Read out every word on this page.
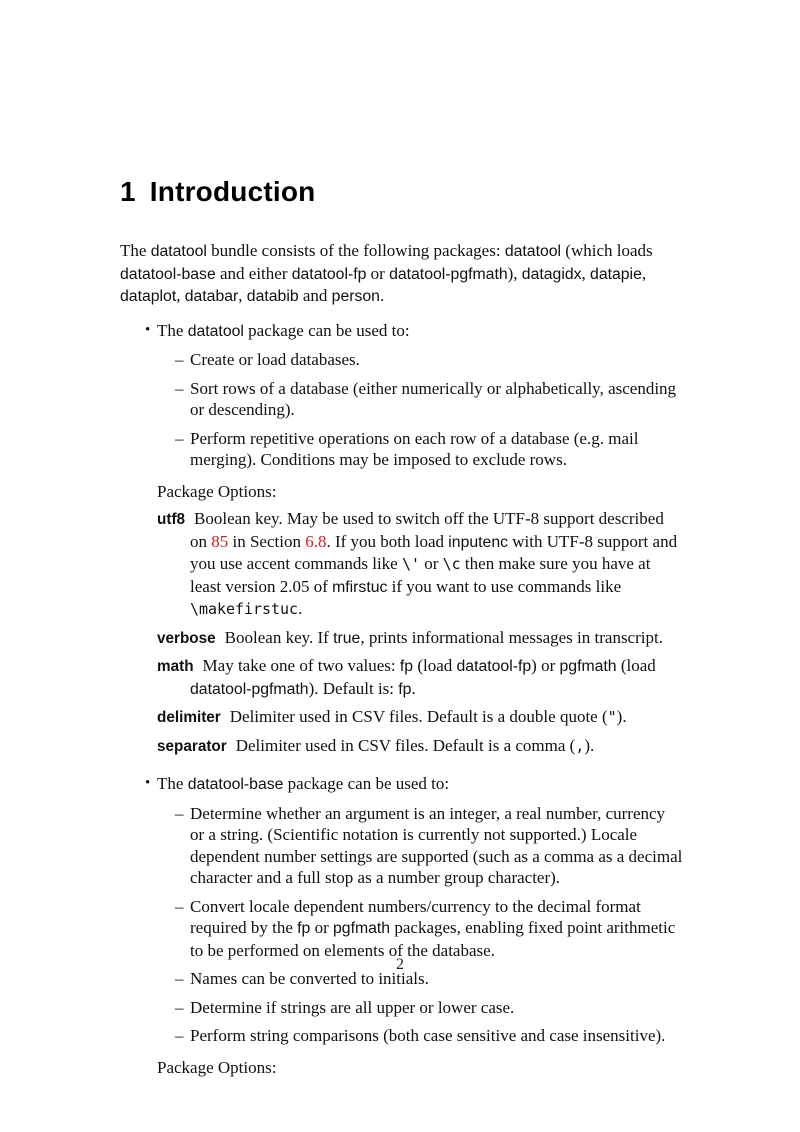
1 Introduction

The datatool bundle consists of the following packages: datatool (which loads datatool-base and either datatool-fp or datatool-pgfmath), datagidx, datapie, dataplot, databar, databib and person.

• The datatool package can be used to:

– Create or load databases.

– Sort rows of a database (either numerically or alphabetically, ascending or descending).

– Perform repetitive operations on each row of a database (e.g. mail merging). Conditions may be imposed to exclude rows.

Package Options:

utf8 Boolean key. May be used to switch off the UTF-8 support described on 85 in Section 6.8. If you both load inputenc with UTF-8 support and you use accent commands like \' or \c then make sure you have at least version 2.05 of mfirstuc if you want to use commands like \makefirstuc.
verbose Boolean key. If true, prints informational messages in transcript.
math May take one of two values: fp (load datatool-fp) or pgfmath (load datatool-pgfmath). Default is: fp.
delimiter Delimiter used in CSV files. Default is a double quote (").
separator Delimiter used in CSV files. Default is a comma (,).
• The datatool-base package can be used to:

– Determine whether an argument is an integer, a real number, currency or a string. (Scientific notation is currently not supported.) Locale dependent number settings are supported (such as a comma as a decimal character and a full stop as a number group character).

– Convert locale dependent numbers/currency to the decimal format required by the fp or pgfmath packages, enabling fixed point arithmetic to be performed on elements of the database.

– Names can be converted to initials.

– Determine if strings are all upper or lower case.

– Perform string comparisons (both case sensitive and case insensitive).

Package Options:

2
